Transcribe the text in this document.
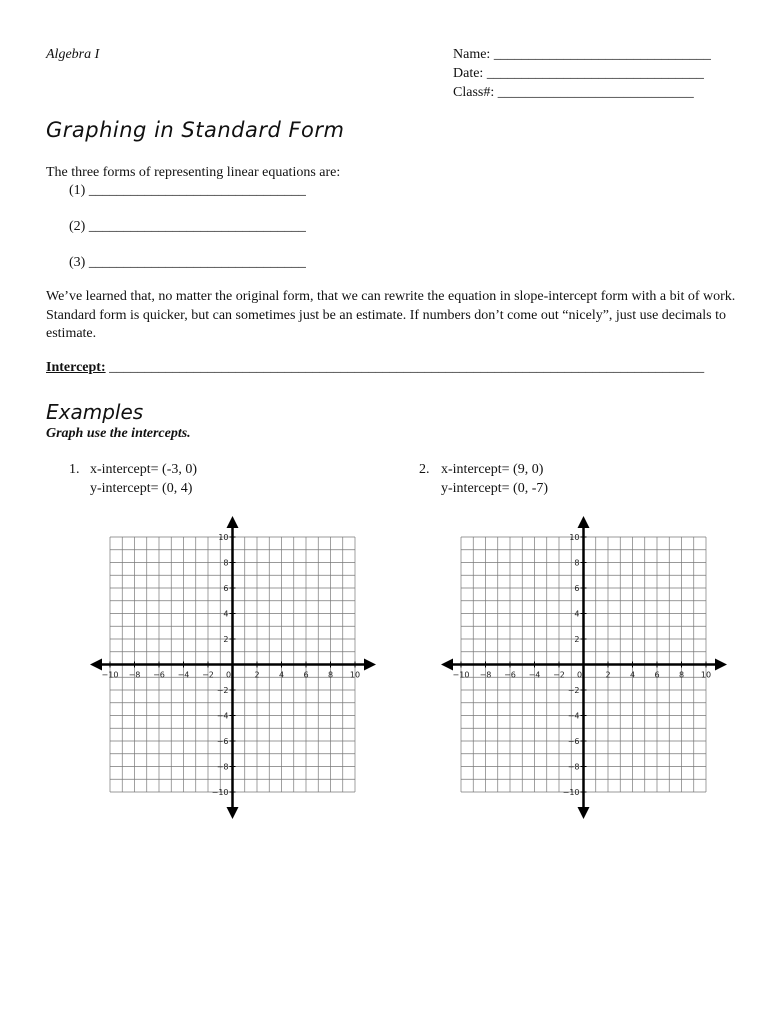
Algebra I	Name: _______________________________
Date: _______________________________
Class#: ____________________________
Graphing in Standard Form
The three forms of representing linear equations are:
(1) _______________________________
(2) _______________________________
(3) _______________________________
We’ve learned that, no matter the original form, that we can rewrite the equation in slope-intercept form with a bit of work. Standard form is quicker, but can sometimes just be an estimate. If numbers don’t come out “nicely”, just use decimals to estimate.
Intercept: _____________________________________________________________________________________
Examples
Graph use the intercepts.
1. x-intercept= (-3, 0)
y-intercept= (0, 4)
2. x-intercept= (9, 0)
y-intercept= (0, -7)
−10 −8 −6 −4 −2 0	2 4 6 8 10
10
8
6
4
2
−2
−4
−6
−8
−10
−10 −8 −6 −4 −2 0	2 4 6 8 10
10
8
6
4
2
−2
−4
−6
−8
−10
